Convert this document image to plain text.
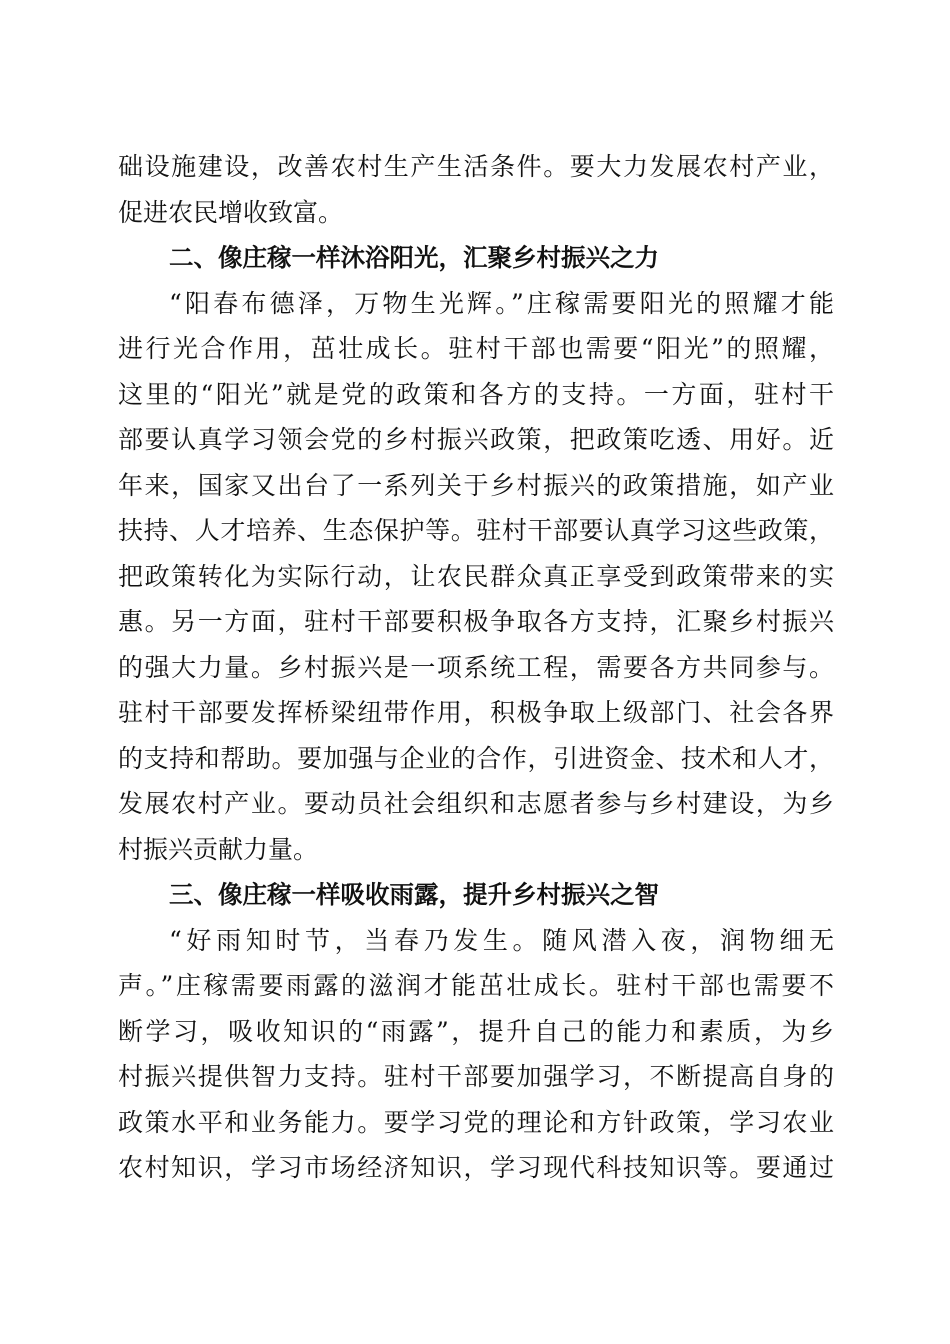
础设施建设，改善农村生产生活条件。要大力发展农村产业，
促进农民增收致富。
二、像庄稼一样沐浴阳光，汇聚乡村振兴之力
“阳春布德泽，万物生光辉。”庄稼需要阳光的照耀才能
进行光合作用，茁壮成长。驻村干部也需要“阳光”的照耀，
这里的“阳光”就是党的政策和各方的支持。一方面，驻村干
部要认真学习领会党的乡村振兴政策，把政策吃透、用好。近
年来，国家又出台了一系列关于乡村振兴的政策措施，如产业
扶持、人才培养、生态保护等。驻村干部要认真学习这些政策，
把政策转化为实际行动，让农民群众真正享受到政策带来的实
惠。另一方面，驻村干部要积极争取各方支持，汇聚乡村振兴
的强大力量。乡村振兴是一项系统工程，需要各方共同参与。
驻村干部要发挥桥梁纽带作用，积极争取上级部门、社会各界
的支持和帮助。要加强与企业的合作，引进资金、技术和人才，
发展农村产业。要动员社会组织和志愿者参与乡村建设，为乡
村振兴贡献力量。
三、像庄稼一样吸收雨露，提升乡村振兴之智
“好雨知时节，当春乃发生。随风潜入夜，润物细无
声。”庄稼需要雨露的滋润才能茁壮成长。驻村干部也需要不
断学习，吸收知识的“雨露”，提升自己的能力和素质，为乡
村振兴提供智力支持。驻村干部要加强学习，不断提高自身的
政策水平和业务能力。要学习党的理论和方针政策，学习农业
农村知识，学习市场经济知识，学习现代科技知识等。要通过
